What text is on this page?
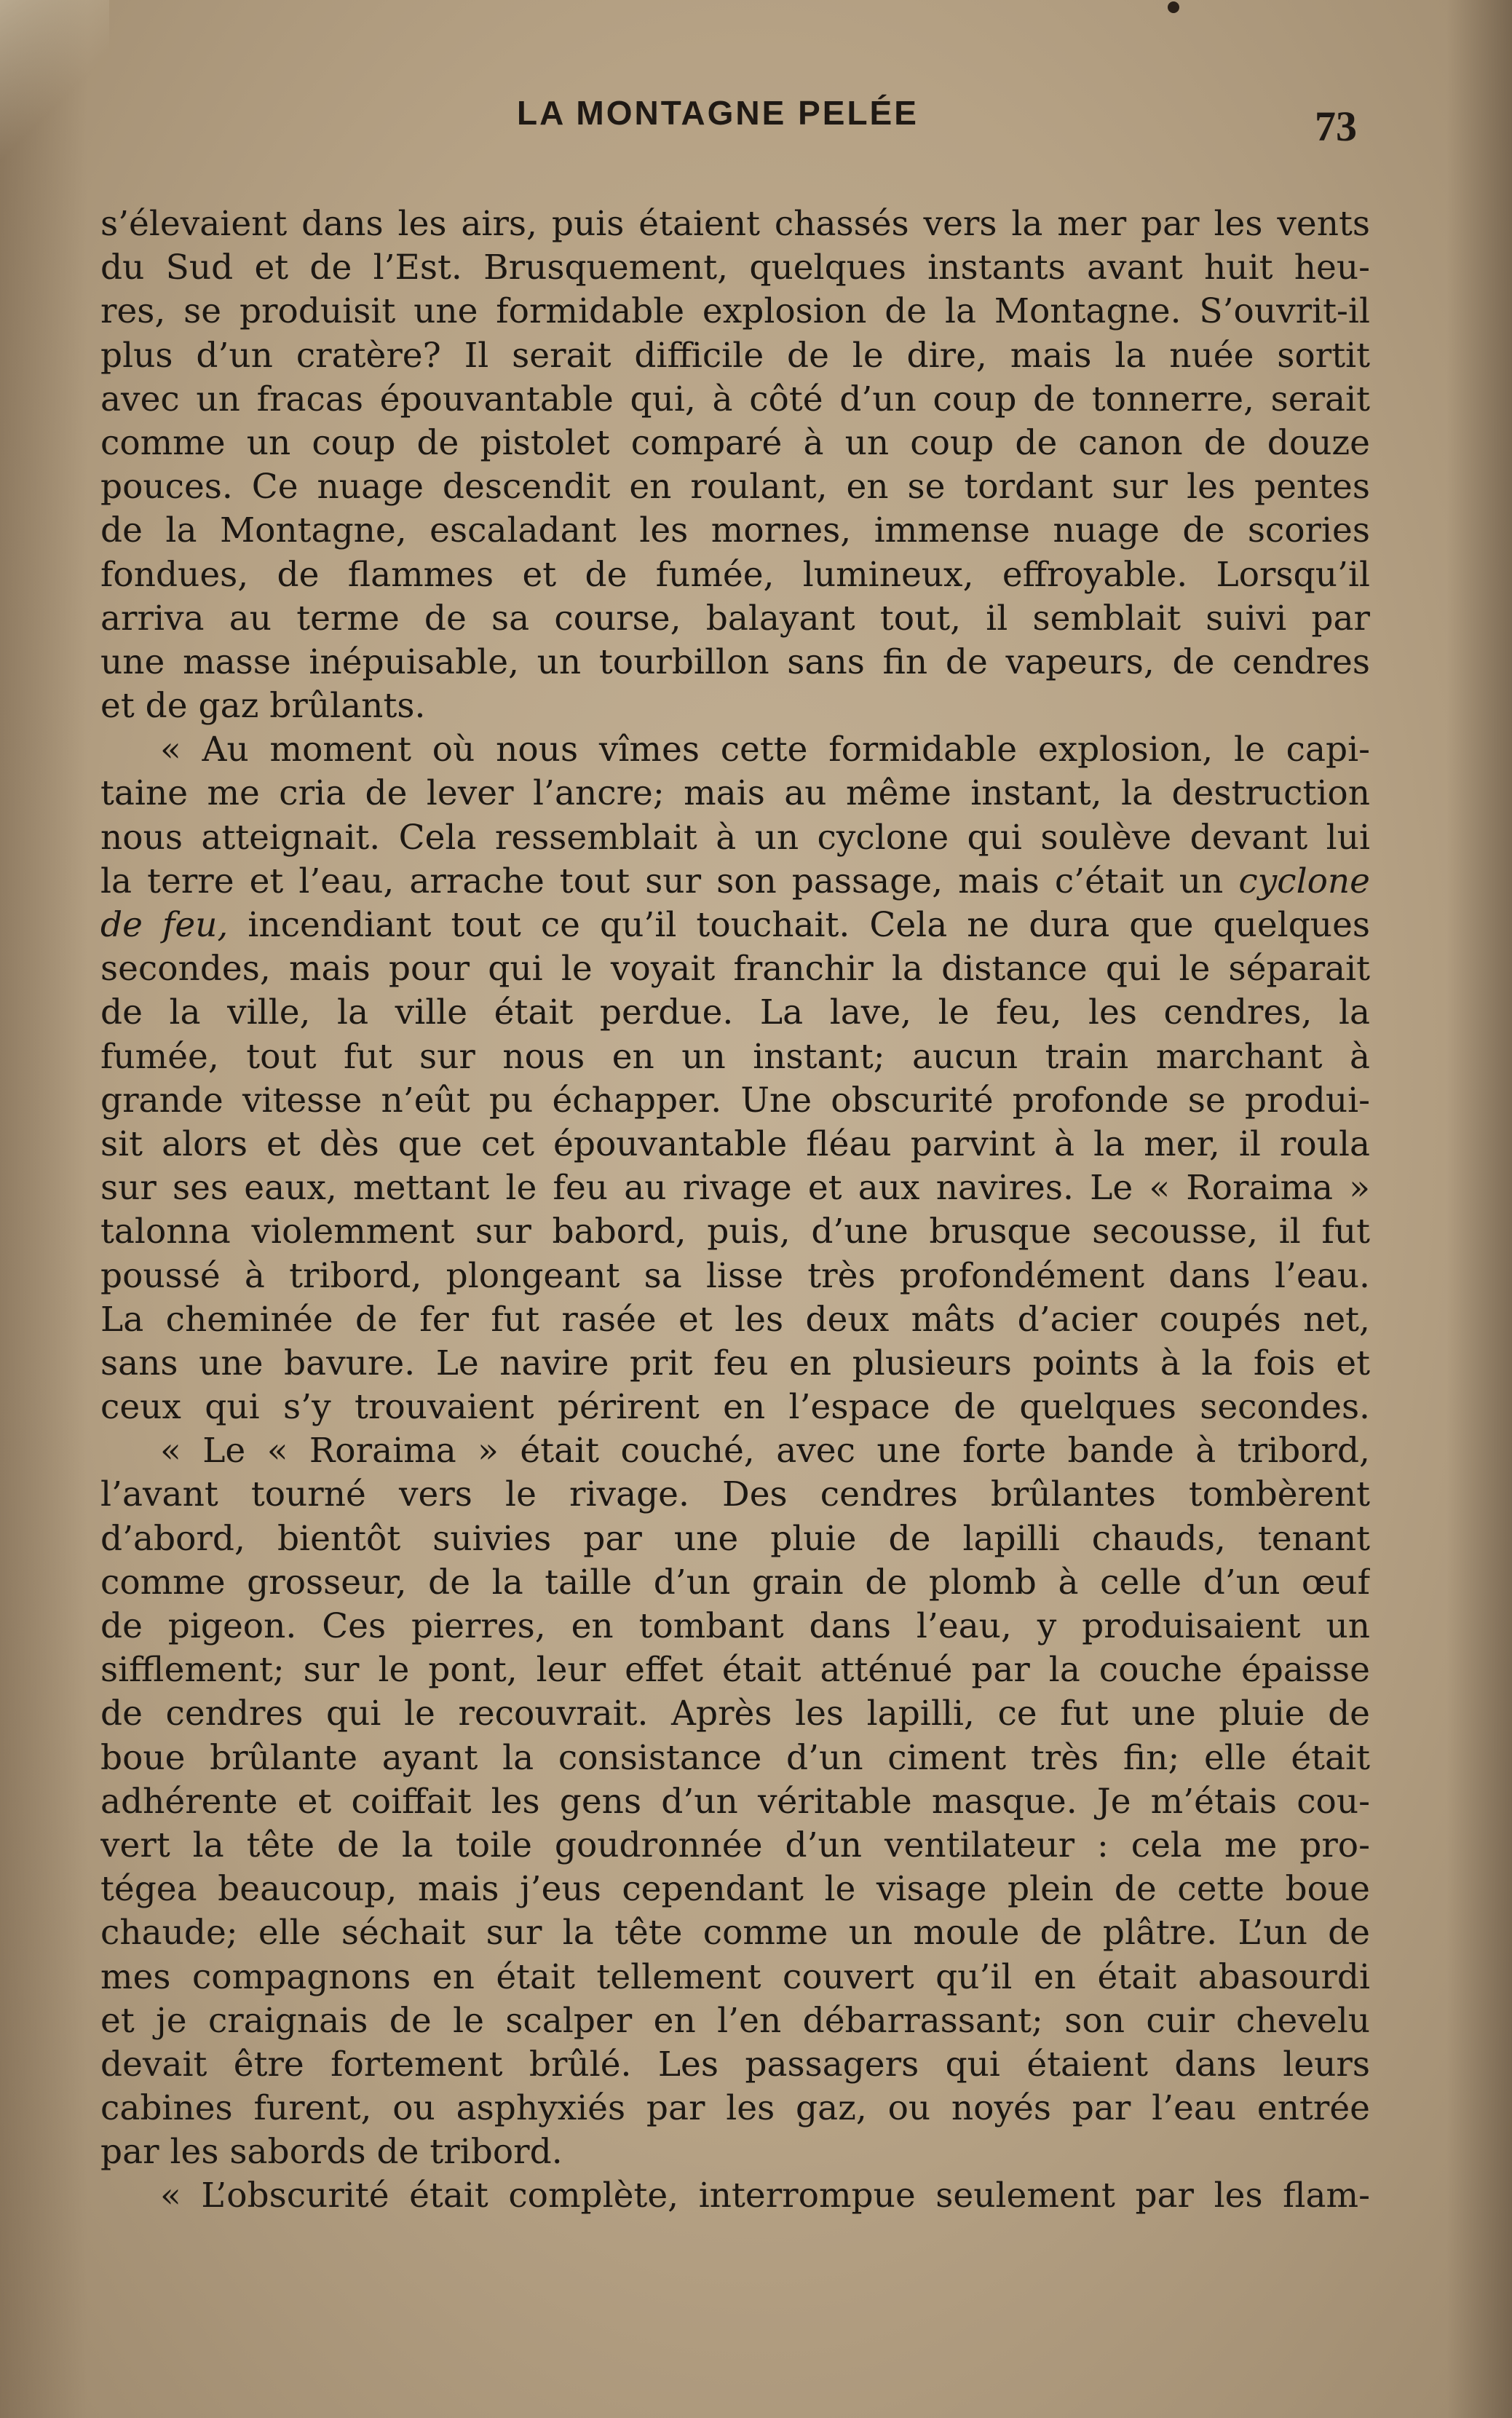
LA MONTAGNE PELÉE	73
s’élevaient dans les airs, puis étaient chassés vers la mer par les vents
du Sud et de l’Est. Brusquement, quelques instants avant huit heu-
res, se produisit une formidable explosion de la Montagne. S’ouvrit-il
plus d’un cratère? Il serait difficile de le dire, mais la nuée sortit
avec un fracas épouvantable qui, à côté d’un coup de tonnerre, serait
comme un coup de pistolet comparé à un coup de canon de douze
pouces. Ce nuage descendit en roulant, en se tordant sur les pentes
de la Montagne, escaladant les mornes, immense nuage de scories
fondues, de flammes et de fumée, lumineux, effroyable. Lorsqu’il
arriva au terme de sa course, balayant tout, il semblait suivi par
une masse inépuisable, un tourbillon sans fin de vapeurs, de cendres
et de gaz brûlants.
« Au moment où nous vîmes cette formidable explosion, le capi-
taine me cria de lever l’ancre; mais au même instant, la destruction
nous atteignait. Cela ressemblait à un cyclone qui soulève devant lui
la terre et l’eau, arrache tout sur son passage, mais c’était un cyclone
de feu, incendiant tout ce qu’il touchait. Cela ne dura que quelques
secondes, mais pour qui le voyait franchir la distance qui le séparait
de la ville, la ville était perdue. La lave, le feu, les cendres, la
fumée, tout fut sur nous en un instant; aucun train marchant à
grande vitesse n’eût pu échapper. Une obscurité profonde se produi-
sit alors et dès que cet épouvantable fléau parvint à la mer, il roula
sur ses eaux, mettant le feu au rivage et aux navires. Le « Roraima »
talonna violemment sur babord, puis, d’une brusque secousse, il fut
poussé à tribord, plongeant sa lisse très profondément dans l’eau.
La cheminée de fer fut rasée et les deux mâts d’acier coupés net,
sans une bavure. Le navire prit feu en plusieurs points à la fois et
ceux qui s’y trouvaient périrent en l’espace de quelques secondes.
« Le « Roraima » était couché, avec une forte bande à tribord,
l’avant tourné vers le rivage. Des cendres brûlantes tombèrent
d’abord, bientôt suivies par une pluie de lapilli chauds, tenant
comme grosseur, de la taille d’un grain de plomb à celle d’un œuf
de pigeon. Ces pierres, en tombant dans l’eau, y produisaient un
sifflement; sur le pont, leur effet était atténué par la couche épaisse
de cendres qui le recouvrait. Après les lapilli, ce fut une pluie de
boue brûlante ayant la consistance d’un ciment très fin; elle était
adhérente et coiffait les gens d’un véritable masque. Je m’étais cou-
vert la tête de la toile goudronnée d’un ventilateur : cela me pro-
tégea beaucoup, mais j’eus cependant le visage plein de cette boue
chaude; elle séchait sur la tête comme un moule de plâtre. L’un de
mes compagnons en était tellement couvert qu’il en était abasourdi
et je craignais de le scalper en l’en débarrassant; son cuir chevelu
devait être fortement brûlé. Les passagers qui étaient dans leurs
cabines furent, ou asphyxiés par les gaz, ou noyés par l’eau entrée
par les sabords de tribord.
« L’obscurité était complète, interrompue seulement par les flam-
